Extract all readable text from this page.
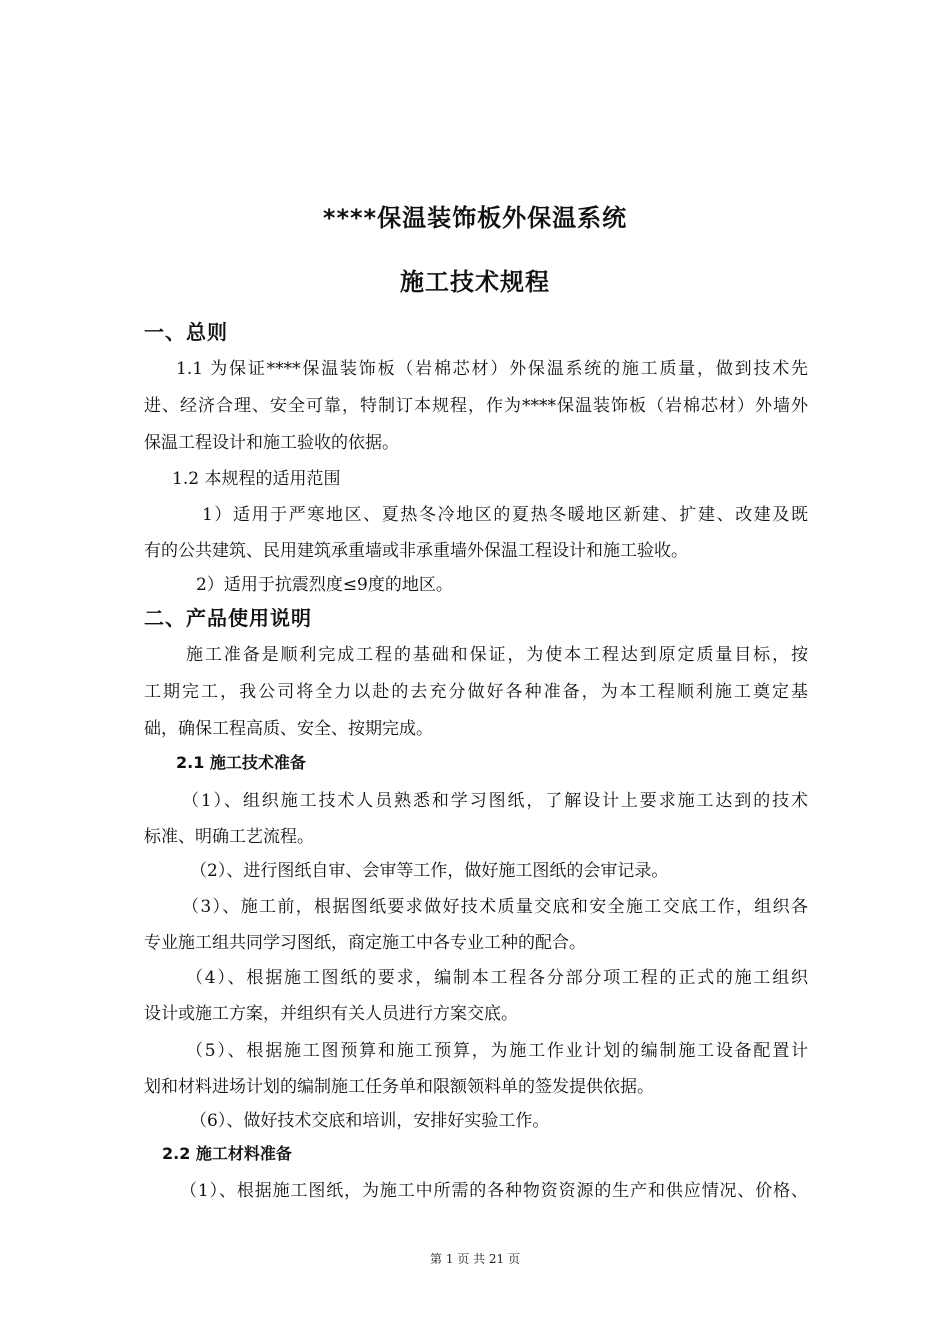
****保温装饰板外保温系统
施工技术规程
一、总则
1.1 为保证****保温装饰板（岩棉芯材）外保温系统的施工质量，做到技术先
进、经济合理、安全可靠，特制订本规程，作为****保温装饰板（岩棉芯材）外墙外
保温工程设计和施工验收的依据。
1.2 本规程的适用范围
1）适用于严寒地区、夏热冬冷地区的夏热冬暖地区新建、扩建、改建及既
有的公共建筑、民用建筑承重墙或非承重墙外保温工程设计和施工验收。
2）适用于抗震烈度≤9度的地区。
二、产品使用说明
施工准备是顺利完成工程的基础和保证，为使本工程达到原定质量目标，按
工期完工，我公司将全力以赴的去充分做好各种准备，为本工程顺利施工奠定基
础，确保工程高质、安全、按期完成。
2.1 施工技术准备
（1）、组织施工技术人员熟悉和学习图纸，了解设计上要求施工达到的技术
标准、明确工艺流程。
（2）、进行图纸自审、会审等工作，做好施工图纸的会审记录。
（3）、施工前，根据图纸要求做好技术质量交底和安全施工交底工作，组织各
专业施工组共同学习图纸，商定施工中各专业工种的配合。
（4）、根据施工图纸的要求，编制本工程各分部分项工程的正式的施工组织
设计或施工方案，并组织有关人员进行方案交底。
（5）、根据施工图预算和施工预算，为施工作业计划的编制施工设备配置计
划和材料进场计划的编制施工任务单和限额领料单的签发提供依据。
（6）、做好技术交底和培训，安排好实验工作。
2.2 施工材料准备
（1）、根据施工图纸，为施工中所需的各种物资资源的生产和供应情况、价格、
第 1 页 共 21 页
